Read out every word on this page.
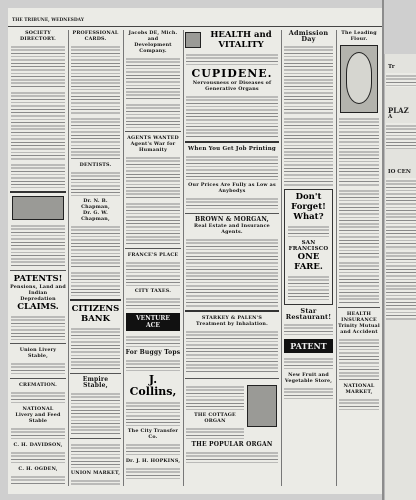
THE TRIBUNE, WEDNESDAY
SOCIETY DIRECTORY.
PATENTS!
Pensions, Land and Indian Depredation
CLAIMS.
Union Livery Stable,
CREMATION.
NATIONAL
Livery and Feed Stable
C. H. DAVIDSON,
C. H. OGDEN,
PROFESSIONAL CARDS.
DENTISTS.
Dr. N. B. Chapman,
Dr. G. W. Chapman,
CITIZENS BANK
Empire Stable,
UNION MARKET,
Jacobs DE, Mich. and
Development Company.
AGENTS WANTED
Agent's War for Humanity
FRANCE'S PLACE
CITY TAXES.
VENTURE ACE
For Buggy Tops
J. Collins,
The City Transfer Co.
Dr. J. H. HOPKINS,
HEALTH and VITALITY
CUPIDENE.
Nervousness or Diseases of Generative Organs
When You Get Job Printing
Our Prices Are Fully as Low as Anybodys
BROWN & MORGAN,
Real Estate and Insurance Agents.
STARKEY & PALEN'S
Treatment by Inhalation.
THE COTTAGE ORGAN
THE POPULAR ORGAN
Admission Day
Don't Forget!
What?
SAN FRANCISCO
ONE FARE.
Star Restaurant!
PATENT
New Fruit and Vegetable Store,
The Leading Flour.
HEALTH
INSURANCE
Trinity Mutual and Accident
NATIONAL MARKET,
Tr
PLAZ
A
IO CEN
